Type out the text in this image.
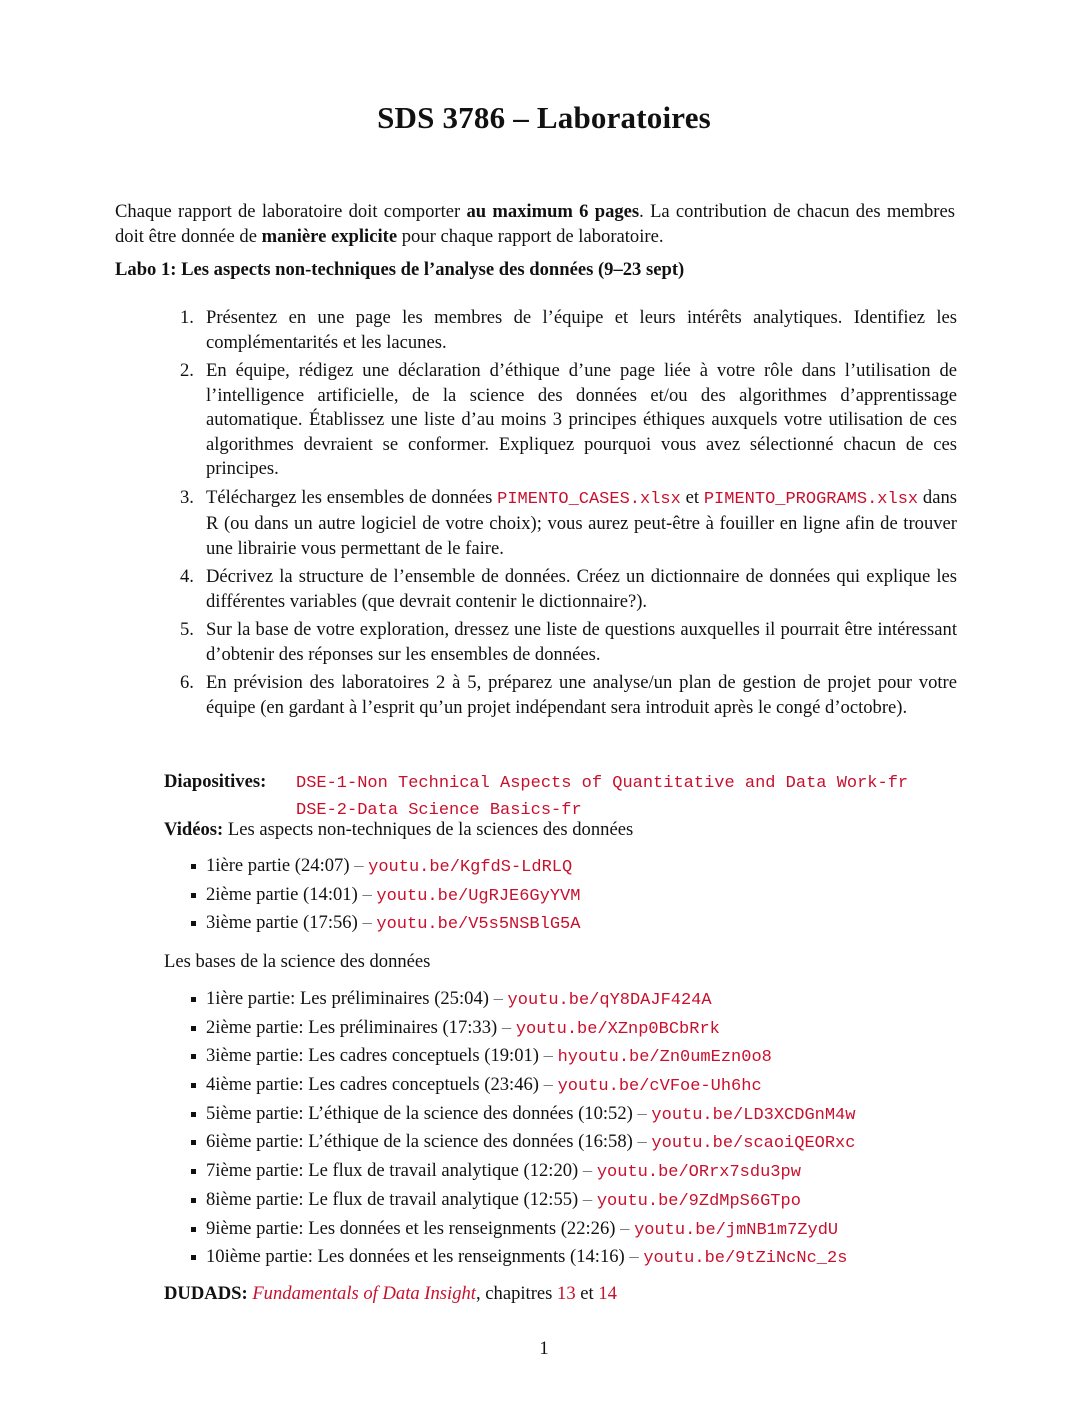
SDS 3786 – Laboratoires
Chaque rapport de laboratoire doit comporter au maximum 6 pages. La contribution de chacun des membres doit être donnée de manière explicite pour chaque rapport de laboratoire.
Labo 1: Les aspects non-techniques de l’analyse des données (9–23 sept)
1. Présentez en une page les membres de l’équipe et leurs intérêts analytiques. Identifiez les complémentarités et les lacunes.
2. En équipe, rédigez une déclaration d’éthique d’une page liée à votre rôle dans l’utilisation de l’intelligence artificielle, de la science des données et/ou des algorithmes d’apprentissage automatique. Établissez une liste d’au moins 3 principes éthiques auxquels votre utilisation de ces algorithmes devraient se conformer. Expliquez pourquoi vous avez sélectionné chacun de ces principes.
3. Téléchargez les ensembles de données PIMENTO_CASES.xlsx et PIMENTO_PROGRAMS.xlsx dans R (ou dans un autre logiciel de votre choix); vous aurez peut-être à fouiller en ligne afin de trouver une librairie vous permettant de le faire.
4. Décrivez la structure de l’ensemble de données. Créez un dictionnaire de données qui explique les différentes variables (que devrait contenir le dictionnaire?).
5. Sur la base de votre exploration, dressez une liste de questions auxquelles il pourrait être intéressant d’obtenir des réponses sur les ensembles de données.
6. En prévision des laboratoires 2 à 5, préparez une analyse/un plan de gestion de projet pour votre équipe (en gardant à l’esprit qu’un projet indépendant sera introduit après le congé d’octobre).
Diapositives: DSE-1-Non Technical Aspects of Quantitative and Data Work-fr
DSE-2-Data Science Basics-fr
Vidéos: Les aspects non-techniques de la sciences des données
1ière partie (24:07) – youtu.be/KgfdS-LdRLQ
2ième partie (14:01) – youtu.be/UgRJE6GyYVM
3ième partie (17:56) – youtu.be/V5s5NSBlG5A
Les bases de la science des données
1ière partie: Les préliminaires (25:04) – youtu.be/qY8DAJF424A
2ième partie: Les préliminaires (17:33) – youtu.be/XZnp0BCbRrk
3ième partie: Les cadres conceptuels (19:01) – hyoutu.be/Zn0umEzn0o8
4ième partie: Les cadres conceptuels (23:46) – youtu.be/cVFoe-Uh6hc
5ième partie: L’éthique de la science des données (10:52) – youtu.be/LD3XCDGnM4w
6ième partie: L’éthique de la science des données (16:58) – youtu.be/scaoiQEORxc
7ième partie: Le flux de travail analytique (12:20) – youtu.be/ORrx7sdu3pw
8ième partie: Le flux de travail analytique (12:55) – youtu.be/9ZdMpS6GTpo
9ième partie: Les données et les renseignments (22:26) – youtu.be/jmNB1m7ZydU
10ième partie: Les données et les renseignments (14:16) – youtu.be/9tZiNcNc_2s
DUDADS: Fundamentals of Data Insight, chapitres 13 et 14
1
